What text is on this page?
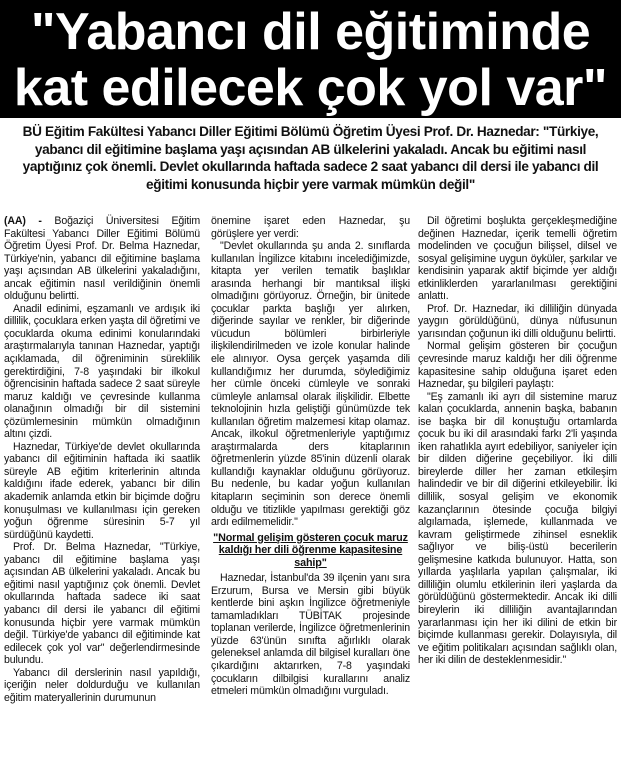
"Yabancı dil eğitiminde
kat edilecek çok yol var"

BÜ Eğitim Fakültesi Yabancı Diller Eğitimi Bölümü Öğretim Üyesi Prof. Dr. Haznedar: "Türkiye, yabancı dil eğitimine başlama yaşı açısından AB ülkelerini yakaladı. Ancak bu eğitimi nasıl yaptığınız çok önemli. Devlet okullarında haftada sadece 2 saat yabancı dil dersi ile yabancı dil eğitimi konusunda hiçbir yere varmak mümkün değil"

(AA) - Boğaziçi Üniversitesi Eğitim Fakültesi Yabancı Diller Eğitimi Bölümü Öğretim Üyesi Prof. Dr. Belma Haznedar, Türkiye'nin, yabancı dil eğitimine başlama yaşı açısından AB ülkelerini yakaladığını, ancak eğitimin nasıl verildiğinin önemli olduğunu belirtti.

Anadil edinimi, eşzamanlı ve ardışık iki dillilik, çocuklara erken yaşta dil öğretimi ve çocuklarda okuma edinimi konularındaki araştırmalarıyla tanınan Haznedar, yaptığı açıklamada, dil öğreniminin süreklilik gerektirdiğini, 7-8 yaşındaki bir ilkokul öğrencisinin haftada sadece 2 saat süreyle maruz kaldığı ve çevresinde kullanma olanağının olmadığı bir dil sistemini çözümlemesinin mümkün olmadığının altını çizdi.

Haznedar, Türkiye'de devlet okullarında yabancı dil eğitiminin haftada iki saatlik süreyle AB eğitim kriterlerinin altında kaldığını ifade ederek, yabancı bir dilin akademik anlamda etkin bir biçimde doğru konuşulması ve kullanılması için gereken yoğun öğrenme süresinin 5-7 yıl sürdüğünü kaydetti.

Prof. Dr. Belma Haznedar, "Türkiye, yabancı dil eğitimine başlama yaşı açısından AB ülkelerini yakaladı. Ancak bu eğitimi nasıl yaptığınız çok önemli. Devlet okullarında haftada sadece iki saat yabancı dil dersi ile yabancı dil eğitimi konusunda hiçbir yere varmak mümkün değil. Türkiye'de yabancı dil eğitiminde kat edilecek çok yol var" değerlendirmesinde bulundu.

Yabancı dil derslerinin nasıl yapıldığı, içeriğin neler doldurduğu ve kullanılan eğitim materyallerinin durumunun

önemine işaret eden Haznedar, şu görüşlere yer verdi:

"Devlet okullarında şu anda 2. sınıflarda kullanılan İngilizce kitabını incelediğimizde, kitapta yer verilen tematik başlıklar arasında herhangi bir mantıksal ilişki olmadığını görüyoruz. Örneğin, bir ünitede çocuklar parkta başlığı yer alırken, diğerinde sayılar ve renkler, bir diğerinde vücudun bölümleri birbirleriyle ilişkilendirilmeden ve izole konular halinde ele alınıyor. Oysa gerçek yaşamda dili kullandığımız her durumda, söylediğimiz her cümle önceki cümleyle ve sonraki cümleyle anlamsal olarak ilişkilidir. Elbette teknolojinin hızla geliştiği günümüzde tek kullanılan öğretim malzemesi kitap olamaz. Ancak, ilkokul öğretmenleriyle yaptığımız araştırmalarda ders kitaplarının öğretmenlerin yüzde 85'inin düzenli olarak kullandığı kaynaklar olduğunu görüyoruz. Bu nedenle, bu kadar yoğun kullanılan kitapların seçiminin son derece önemli olduğu ve titizlikle yapılması gerektiği göz ardı edilmemelidir."

"Normal gelişim gösteren çocuk maruz kaldığı her dili öğrenme kapasitesine sahip"

Haznedar, İstanbul'da 39 ilçenin yanı sıra Erzurum, Bursa ve Mersin gibi büyük kentlerde bini aşkın İngilizce öğretmeniyle tamamladıkları TÜBİTAK projesinde toplanan verilerde, İngilizce öğretmenlerinin yüzde 63'ünün sınıfta ağırlıklı olarak geleneksel anlamda dil bilgisel kuralları öne çıkardığını aktarırken, 7-8 yaşındaki çocukların dilbilgisi kurallarını analiz etmeleri mümkün olmadığını vurguladı.

Dil öğretimi boşlukta gerçekleşmediğine değinen Haznedar, içerik temelli öğretim modelinden ve çocuğun bilişsel, dilsel ve sosyal gelişimine uygun öyküler, şarkılar ve kendisinin yaparak aktif biçimde yer aldığı etkinliklerden yararlanılması gerektiğini anlattı.

Prof. Dr. Haznedar, iki dilliliğin dünyada yaygın görüldüğünü, dünya nüfusunun yarısından çoğunun iki dilli olduğunu belirtti.

Normal gelişim gösteren bir çocuğun çevresinde maruz kaldığı her dili öğrenme kapasitesine sahip olduğuna işaret eden Haznedar, şu bilgileri paylaştı:

"Eş zamanlı iki ayrı dil sistemine maruz kalan çocuklarda, annenin başka, babanın ise başka bir dil konuştuğu ortamlarda çocuk bu iki dil arasındaki farkı 2'li yaşında iken rahatlıkla ayırt edebiliyor, saniyeler için bir dilden diğerine geçebiliyor. İki dilli bireylerde diller her zaman etkileşim halindedir ve bir dil diğerini etkileyebilir. İki dillilik, sosyal gelişim ve ekonomik kazançlarının ötesinde çocuğa bilgiyi algılamada, işlemede, kullanmada ve kavram geliştirmede zihinsel esneklik sağlıyor ve biliş-üstü becerilerin gelişmesine katkıda bulunuyor. Hatta, son yıllarda yaşlılarla yapılan çalışmalar, iki dilliliğin olumlu etkilerinin ileri yaşlarda da görüldüğünü göstermektedir. Ancak iki dilli bireylerin iki dilliliğin avantajlarından yararlanması için her iki dilini de etkin bir biçimde kullanması gerekir. Dolayısıyla, dil ve eğitim politikaları açısından sağlıklı olan, her iki dilin de desteklenmesidir."
